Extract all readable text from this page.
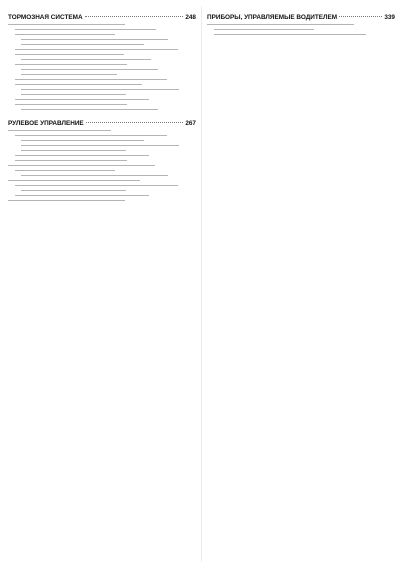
ТОРМОЗНАЯ СИСТЕМА	248
РУЛЕВОЕ УПРАВЛЕНИЕ	267
ПРИБОРЫ, УПРАВЛЯЕМЫЕ ВОДИТЕЛЕМ	339
